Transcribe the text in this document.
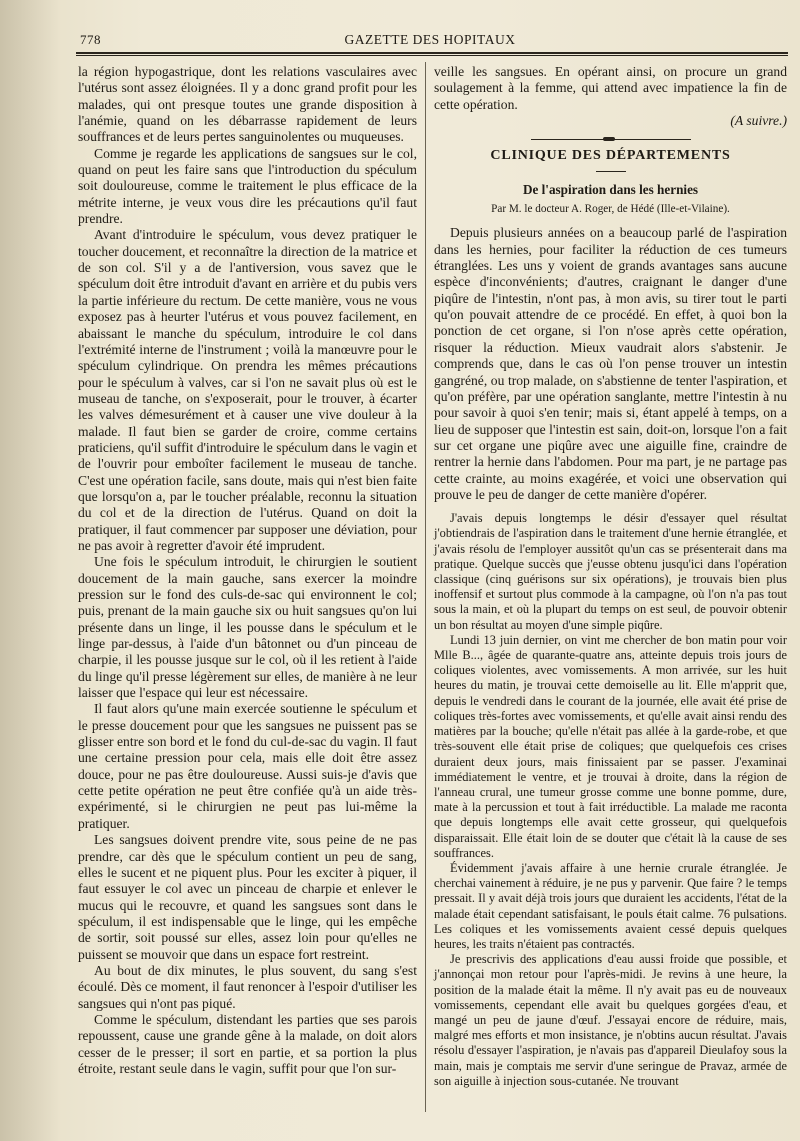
778	GAZETTE DES HOPITAUX

la région hypogastrique, dont les relations vasculaires avec l'utérus sont assez éloignées. Il y a donc grand profit pour les malades, qui ont presque toutes une grande disposition à l'anémie, quand on les débarrasse rapidement de leurs souffrances et de leurs pertes sanguinolentes ou muqueuses.

Comme je regarde les applications de sangsues sur le col, quand on peut les faire sans que l'introduction du spéculum soit douloureuse, comme le traitement le plus efficace de la métrite interne, je veux vous dire les précautions qu'il faut prendre.

Avant d'introduire le spéculum, vous devez pratiquer le toucher doucement, et reconnaître la direction de la matrice et de son col. S'il y a de l'antiversion, vous savez que le spéculum doit être introduit d'avant en arrière et du pubis vers la partie inférieure du rectum. De cette manière, vous ne vous exposez pas à heurter l'utérus et vous pouvez facilement, en abaissant le manche du spéculum, introduire le col dans l'extrémité interne de l'instrument ; voilà la manœuvre pour le spéculum cylindrique. On prendra les mêmes précautions pour le spéculum à valves, car si l'on ne savait plus où est le museau de tanche, on s'exposerait, pour le trouver, à écarter les valves démesurément et à causer une vive douleur à la malade. Il faut bien se garder de croire, comme certains praticiens, qu'il suffit d'introduire le spéculum dans le vagin et de l'ouvrir pour emboîter facilement le museau de tanche. C'est une opération facile, sans doute, mais qui n'est bien faite que lorsqu'on a, par le toucher préalable, reconnu la situation du col et de la direction de l'utérus. Quand on doit la pratiquer, il faut commencer par supposer une déviation, pour ne pas avoir à regretter d'avoir été imprudent.

Une fois le spéculum introduit, le chirurgien le soutient doucement de la main gauche, sans exercer la moindre pression sur le fond des culs-de-sac qui environnent le col; puis, prenant de la main gauche six ou huit sangsues qu'on lui présente dans un linge, il les pousse dans le spéculum et le linge par-dessus, à l'aide d'un bâtonnet ou d'un pinceau de charpie, il les pousse jusque sur le col, où il les retient à l'aide du linge qu'il presse légèrement sur elles, de manière à ne leur laisser que l'espace qui leur est nécessaire.

Il faut alors qu'une main exercée soutienne le spéculum et le presse doucement pour que les sangsues ne puissent pas se glisser entre son bord et le fond du cul-de-sac du vagin. Il faut une certaine pression pour cela, mais elle doit être assez douce, pour ne pas être douloureuse. Aussi suis-je d'avis que cette petite opération ne peut être confiée qu'à un aide très-expérimenté, si le chirurgien ne peut pas lui-même la pratiquer.

Les sangsues doivent prendre vite, sous peine de ne pas prendre, car dès que le spéculum contient un peu de sang, elles le sucent et ne piquent plus. Pour les exciter à piquer, il faut essuyer le col avec un pinceau de charpie et enlever le mucus qui le recouvre, et quand les sangsues sont dans le spéculum, il est indispensable que le linge, qui les empêche de sortir, soit poussé sur elles, assez loin pour qu'elles ne puissent se mouvoir que dans un espace fort restreint.

Au bout de dix minutes, le plus souvent, du sang s'est écoulé. Dès ce moment, il faut renoncer à l'espoir d'utiliser les sangsues qui n'ont pas piqué.

Comme le spéculum, distendant les parties que ses parois repoussent, cause une grande gêne à la malade, on doit alors cesser de le presser; il sort en partie, et sa portion la plus étroite, restant seule dans le vagin, suffit pour que l'on sur-

veille les sangsues. En opérant ainsi, on procure un grand soulagement à la femme, qui attend avec impatience la fin de cette opération.

(A suivre.)

CLINIQUE DES DÉPARTEMENTS
De l'aspiration dans les hernies
Par M. le docteur A. Roger, de Hédé (Ille-et-Vilaine).

Depuis plusieurs années on a beaucoup parlé de l'aspiration dans les hernies, pour faciliter la réduction de ces tumeurs étranglées. Les uns y voient de grands avantages sans aucune espèce d'inconvénients; d'autres, craignant le danger d'une piqûre de l'intestin, n'ont pas, à mon avis, su tirer tout le parti qu'on pouvait attendre de ce procédé. En effet, à quoi bon la ponction de cet organe, si l'on n'ose après cette opération, risquer la réduction. Mieux vaudrait alors s'abstenir. Je comprends que, dans le cas où l'on pense trouver un intestin gangréné, ou trop malade, on s'abstienne de tenter l'aspiration, et qu'on préfère, par une opération sanglante, mettre l'intestin à nu pour savoir à quoi s'en tenir; mais si, étant appelé à temps, on a lieu de supposer que l'intestin est sain, doit-on, lorsque l'on a fait sur cet organe une piqûre avec une aiguille fine, craindre de rentrer la hernie dans l'abdomen. Pour ma part, je ne partage pas cette crainte, au moins exagérée, et voici une observation qui prouve le peu de danger de cette manière d'opérer.

J'avais depuis longtemps le désir d'essayer quel résultat j'obtiendrais de l'aspiration dans le traitement d'une hernie étranglée, et j'avais résolu de l'employer aussitôt qu'un cas se présenterait dans ma pratique. Quelque succès que j'eusse obtenu jusqu'ici dans l'opération classique (cinq guérisons sur six opérations), je trouvais bien plus inoffensif et surtout plus commode à la campagne, où l'on n'a pas tout sous la main, et où la plupart du temps on est seul, de pouvoir obtenir un bon résultat au moyen d'une simple piqûre.

Lundi 13 juin dernier, on vint me chercher de bon matin pour voir Mlle B..., âgée de quarante-quatre ans, atteinte depuis trois jours de coliques violentes, avec vomissements. A mon arrivée, sur les huit heures du matin, je trouvai cette demoiselle au lit. Elle m'apprit que, depuis le vendredi dans le courant de la journée, elle avait été prise de coliques très-fortes avec vomissements, et qu'elle avait ainsi rendu des matières par la bouche; qu'elle n'était pas allée à la garde-robe, et que très-souvent elle était prise de coliques; que quelquefois ces crises duraient deux jours, mais finissaient par se passer. J'examinai immédiatement le ventre, et je trouvai à droite, dans la région de l'anneau crural, une tumeur grosse comme une bonne pomme, dure, mate à la percussion et tout à fait irréductible. La malade me raconta que depuis longtemps elle avait cette grosseur, qui quelquefois disparaissait. Elle était loin de se douter que c'était là la cause de ses souffrances.

Évidemment j'avais affaire à une hernie crurale étranglée. Je cherchai vainement à réduire, je ne pus y parvenir. Que faire ? le temps pressait. Il y avait déjà trois jours que duraient les accidents, l'état de la malade était cependant satisfaisant, le pouls était calme. 76 pulsations. Les coliques et les vomissements avaient cessé depuis quelques heures, les traits n'étaient pas contractés.

Je prescrivis des applications d'eau aussi froide que possible, et j'annonçai mon retour pour l'après-midi. Je revins à une heure, la position de la malade était la même. Il n'y avait pas eu de nouveaux vomissements, cependant elle avait bu quelques gorgées d'eau, et mangé un peu de jaune d'œuf. J'essayai encore de réduire, mais, malgré mes efforts et mon insistance, je n'obtins aucun résultat. J'avais résolu d'essayer l'aspiration, je n'avais pas d'appareil Dieulafoy sous la main, mais je comptais me servir d'une seringue de Pravaz, armée de son aiguille à injection sous-cutanée. Ne trouvant
